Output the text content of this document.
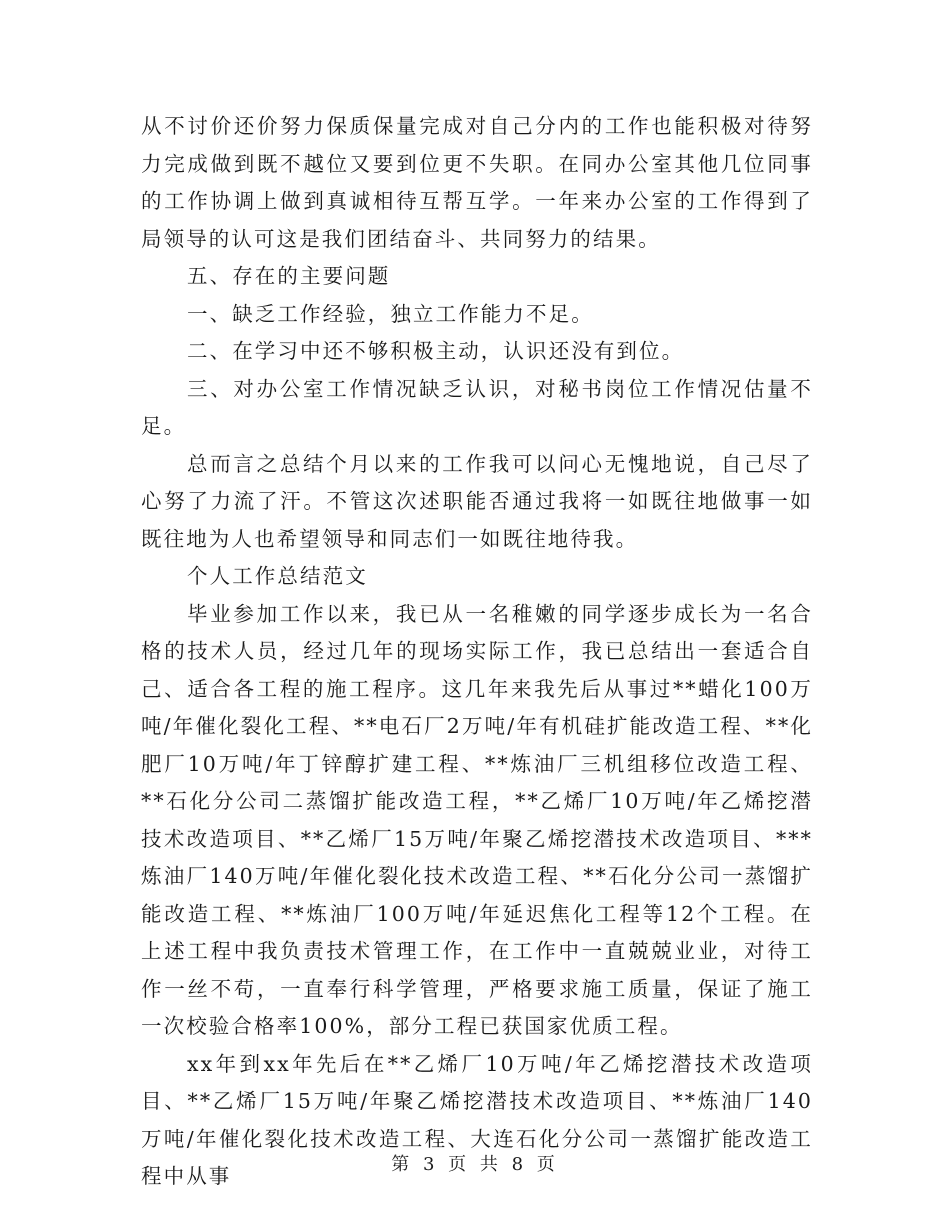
从不讨价还价努力保质保量完成对自己分内的工作也能积极对待努力完成做到既不越位又要到位更不失职。在同办公室其他几位同事的工作协调上做到真诚相待互帮互学。一年来办公室的工作得到了局领导的认可这是我们团结奋斗、共同努力的结果。

五、存在的主要问题

一、缺乏工作经验，独立工作能力不足。

二、在学习中还不够积极主动，认识还没有到位。

三、对办公室工作情况缺乏认识，对秘书岗位工作情况估量不足。

总而言之总结个月以来的工作我可以问心无愧地说，自己尽了心努了力流了汗。不管这次述职能否通过我将一如既往地做事一如既往地为人也希望领导和同志们一如既往地待我。

个人工作总结范文

毕业参加工作以来，我已从一名稚嫩的同学逐步成长为一名合格的技术人员，经过几年的现场实际工作，我已总结出一套适合自己、适合各工程的施工程序。这几年来我先后从事过**蜡化100万吨/年催化裂化工程、**电石厂2万吨/年有机硅扩能改造工程、**化肥厂10万吨/年丁锌醇扩建工程、**炼油厂三机组移位改造工程、**石化分公司二蒸馏扩能改造工程，**乙烯厂10万吨/年乙烯挖潜技术改造项目、**乙烯厂15万吨/年聚乙烯挖潜技术改造项目、***炼油厂140万吨/年催化裂化技术改造工程、**石化分公司一蒸馏扩能改造工程、**炼油厂100万吨/年延迟焦化工程等12个工程。在上述工程中我负责技术管理工作，在工作中一直兢兢业业，对待工作一丝不苟，一直奉行科学管理，严格要求施工质量，保证了施工一次校验合格率100%，部分工程已获国家优质工程。

xx年到xx年先后在**乙烯厂10万吨/年乙烯挖潜技术改造项目、**乙烯厂15万吨/年聚乙烯挖潜技术改造项目、**炼油厂140万吨/年催化裂化技术改造工程、大连石化分公司一蒸馏扩能改造工程中从事	第 3 页 共 8 页
